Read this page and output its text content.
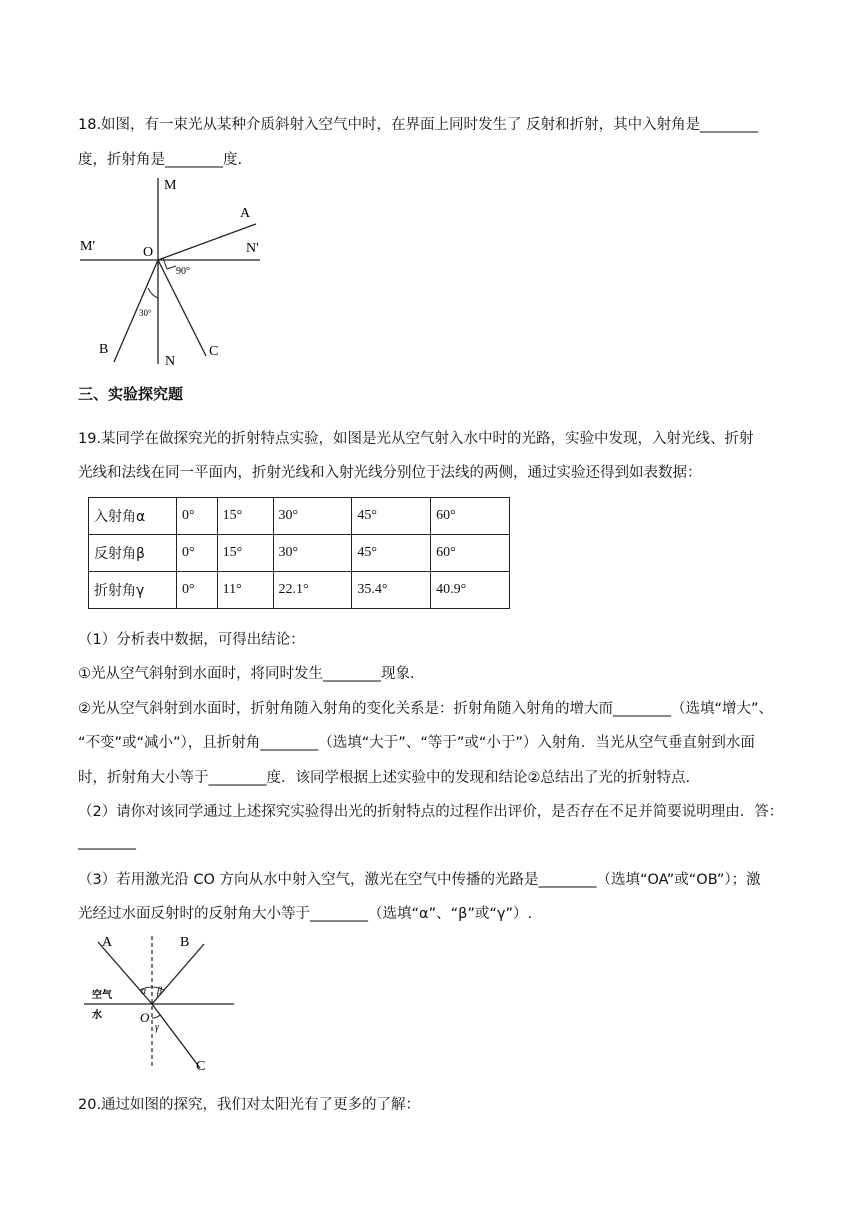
18.如图，有一束光从某种介质斜射入空气中时，在界面上同时发生了 反射和折射，其中入射角是________
度，折射角是________度.
M
M'
A
N'
O
B
N
C
90°
30°
三、实验探究题
19.某同学在做探究光的折射特点实验，如图是光从空气射入水中时的光路，实验中发现，入射光线、折射
光线和法线在同一平面内，折射光线和入射光线分别位于法线的两侧，通过实验还得到如表数据：
入射角α	0°	15°	30°	45°	60°
反射角β	0°	15°	30°	45°	60°
折射角γ	0°	11°	22.1°	35.4°	40.9°
（1）分析表中数据，可得出结论：
①光从空气斜射到水面时，将同时发生________现象.
②光从空气斜射到水面时，折射角随入射角的变化关系是：折射角随入射角的增大而________（选填“增大”、
“不变”或“减小”），且折射角________（选填“大于”、“等于”或“小于”）入射角．当光从空气垂直射到水面
时，折射角大小等于________度．该同学根据上述实验中的发现和结论②总结出了光的折射特点.
（2）请你对该同学通过上述探究实验得出光的折射特点的过程作出评价，是否存在不足并简要说明理由．答：
________
（3）若用激光沿 CO 方向从水中射入空气，激光在空气中传播的光路是________（选填“OA”或“OB”）；激
光经过水面反射时的反射角大小等于________（选填“α”、“β”或“γ”）.
A	B
C
O
空气
水
α β
γ
20.通过如图的探究，我们对太阳光有了更多的了解：
